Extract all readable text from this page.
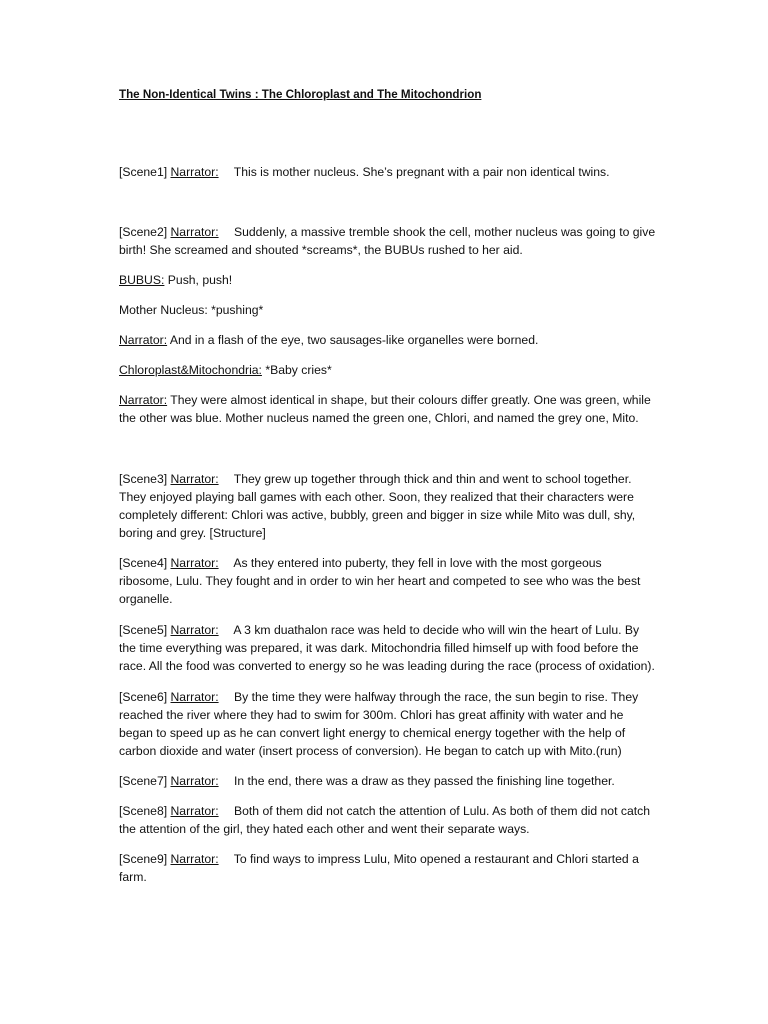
The Non-Identical Twins : The Chloroplast and The Mitochondrion
[Scene1] Narrator: This is mother nucleus. She’s pregnant with a pair non identical twins.
[Scene2] Narrator: Suddenly, a massive tremble shook the cell, mother nucleus was going to give birth! She screamed and shouted *screams*, the BUBUs rushed to her aid.
BUBUS: Push, push!
Mother Nucleus: *pushing*
Narrator: And in a flash of the eye, two sausages-like organelles were borned.
Chloroplast&Mitochondria: *Baby cries*
Narrator: They were almost identical in shape, but their colours differ greatly. One was green, while the other was blue. Mother nucleus named the green one, Chlori, and named the grey one, Mito.
[Scene3] Narrator: They grew up together through thick and thin and went to school together. They enjoyed playing ball games with each other. Soon, they realized that their characters were completely different: Chlori was active, bubbly, green and bigger in size while Mito was dull, shy, boring and grey. [Structure]
[Scene4] Narrator: As they entered into puberty, they fell in love with the most gorgeous ribosome, Lulu. They fought and in order to win her heart and competed to see who was the best organelle.
[Scene5] Narrator: A 3 km duathalon race was held to decide who will win the heart of Lulu. By the time everything was prepared, it was dark. Mitochondria filled himself up with food before the race. All the food was converted to energy so he was leading during the race (process of oxidation).
[Scene6] Narrator: By the time they were halfway through the race, the sun begin to rise. They reached the river where they had to swim for 300m. Chlori has great affinity with water and he began to speed up as he can convert light energy to chemical energy together with the help of carbon dioxide and water (insert process of conversion). He began to catch up with Mito.(run)
[Scene7] Narrator: In the end, there was a draw as they passed the finishing line together.
[Scene8] Narrator: Both of them did not catch the attention of Lulu. As both of them did not catch the attention of the girl, they hated each other and went their separate ways.
[Scene9] Narrator: To find ways to impress Lulu, Mito opened a restaurant and Chlori started a farm.
